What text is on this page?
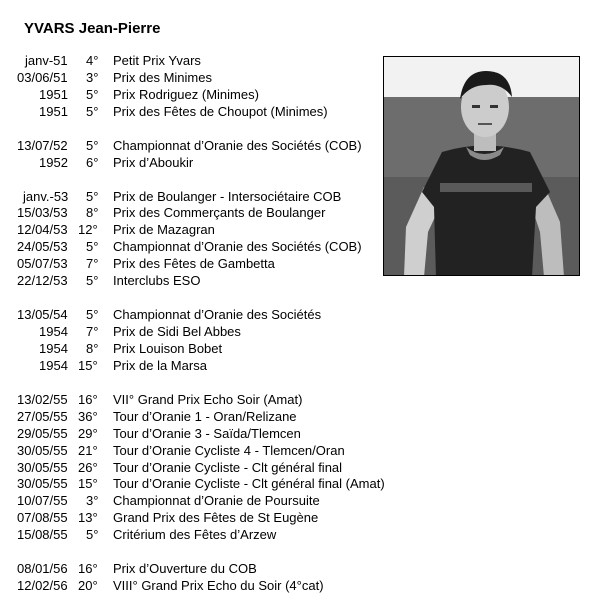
YVARS Jean-Pierre
janv-51 4° Petit Prix Yvars
03/06/51 3° Prix des Minimes
1951 5° Prix Rodriguez (Minimes)
1951 5° Prix des Fêtes de Choupot (Minimes)
13/07/52 5° Championnat d’Oranie des Sociétés (COB)
1952 6° Prix d’Aboukir
janv.-53 5° Prix de Boulanger - Intersociétaire COB
15/03/53 8° Prix des Commerçants de Boulanger
12/04/53 12° Prix de Mazagran
24/05/53 5° Championnat d’Oranie des Sociétés (COB)
05/07/53 7° Prix des Fêtes de Gambetta
22/12/53 5° Interclubs ESO
13/05/54 5° Championnat d’Oranie des Sociétés
1954 7° Prix de Sidi Bel Abbes
1954 8° Prix Louison Bobet
1954 15° Prix de la Marsa
13/02/55 16° VII° Grand Prix Echo Soir (Amat)
27/05/55 36° Tour d’Oranie 1 - Oran/Relizane
29/05/55 29° Tour d’Oranie 3 - Saïda/Tlemcen
30/05/55 21° Tour d’Oranie Cycliste 4 - Tlemcen/Oran
30/05/55 26° Tour d’Oranie Cycliste - Clt général final
30/05/55 15° Tour d’Oranie Cycliste - Clt général final (Amat)
10/07/55 3° Championnat d’Oranie de Poursuite
07/08/55 13° Grand Prix des Fêtes de St Eugène
15/08/55 5° Critérium des Fêtes d’Arzew
08/01/56 16° Prix d’Ouverture du COB
12/02/56 20° VIII° Grand Prix Echo du Soir (4°cat)
